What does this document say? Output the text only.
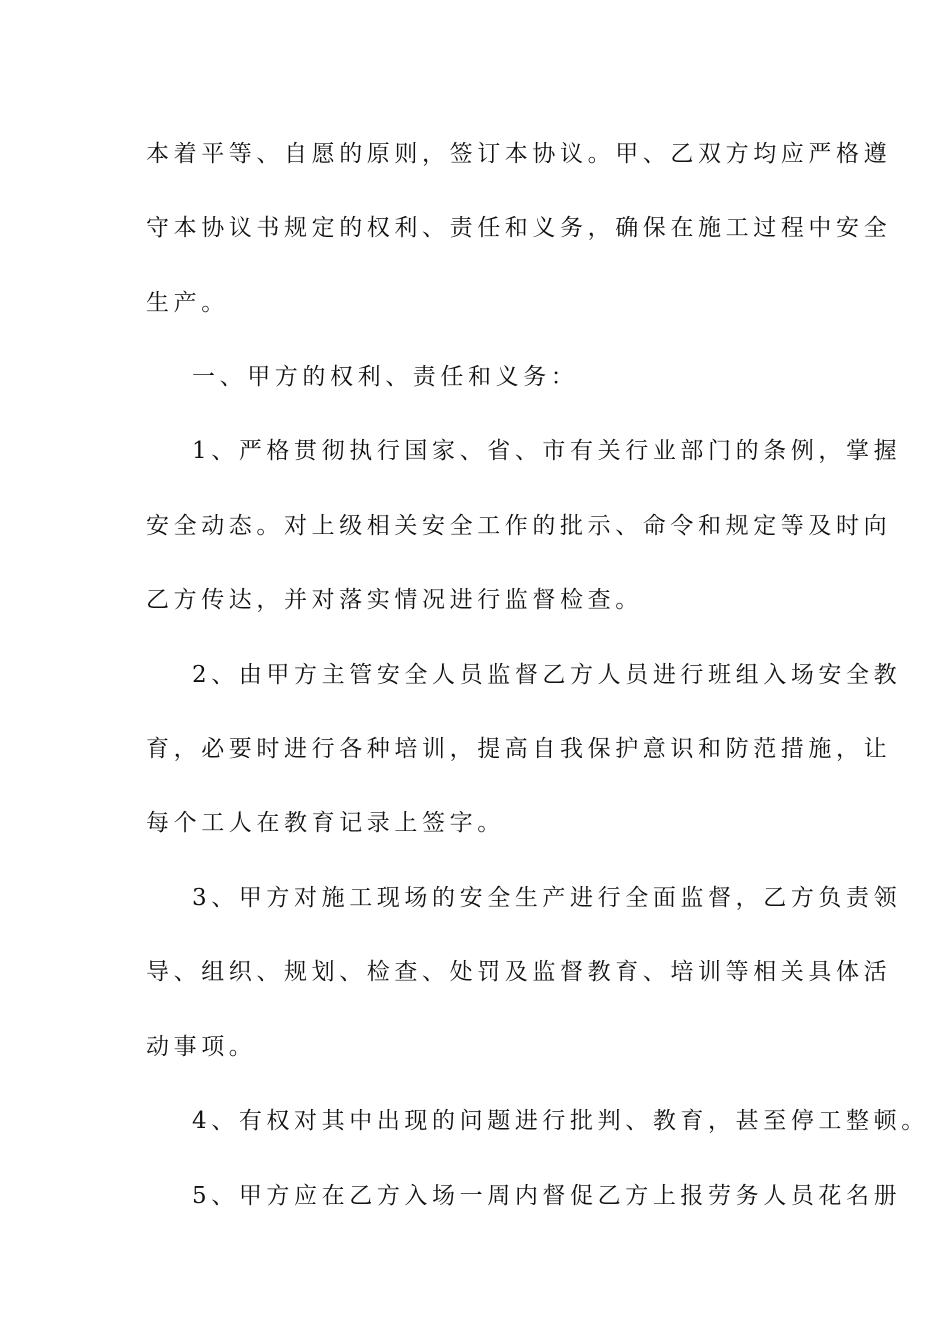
本着平等、自愿的原则，签订本协议。甲、乙双方均应严格遵
守本协议书规定的权利、责任和义务，确保在施工过程中安全
生产。
一、甲方的权利、责任和义务：
1、严格贯彻执行国家、省、市有关行业部门的条例，掌握
安全动态。对上级相关安全工作的批示、命令和规定等及时向
乙方传达，并对落实情况进行监督检查。
2、由甲方主管安全人员监督乙方人员进行班组入场安全教
育，必要时进行各种培训，提高自我保护意识和防范措施，让
每个工人在教育记录上签字。
3、甲方对施工现场的安全生产进行全面监督，乙方负责领
导、组织、规划、检查、处罚及监督教育、培训等相关具体活
动事项。
4、有权对其中出现的问题进行批判、教育，甚至停工整顿。
5、甲方应在乙方入场一周内督促乙方上报劳务人员花名册
